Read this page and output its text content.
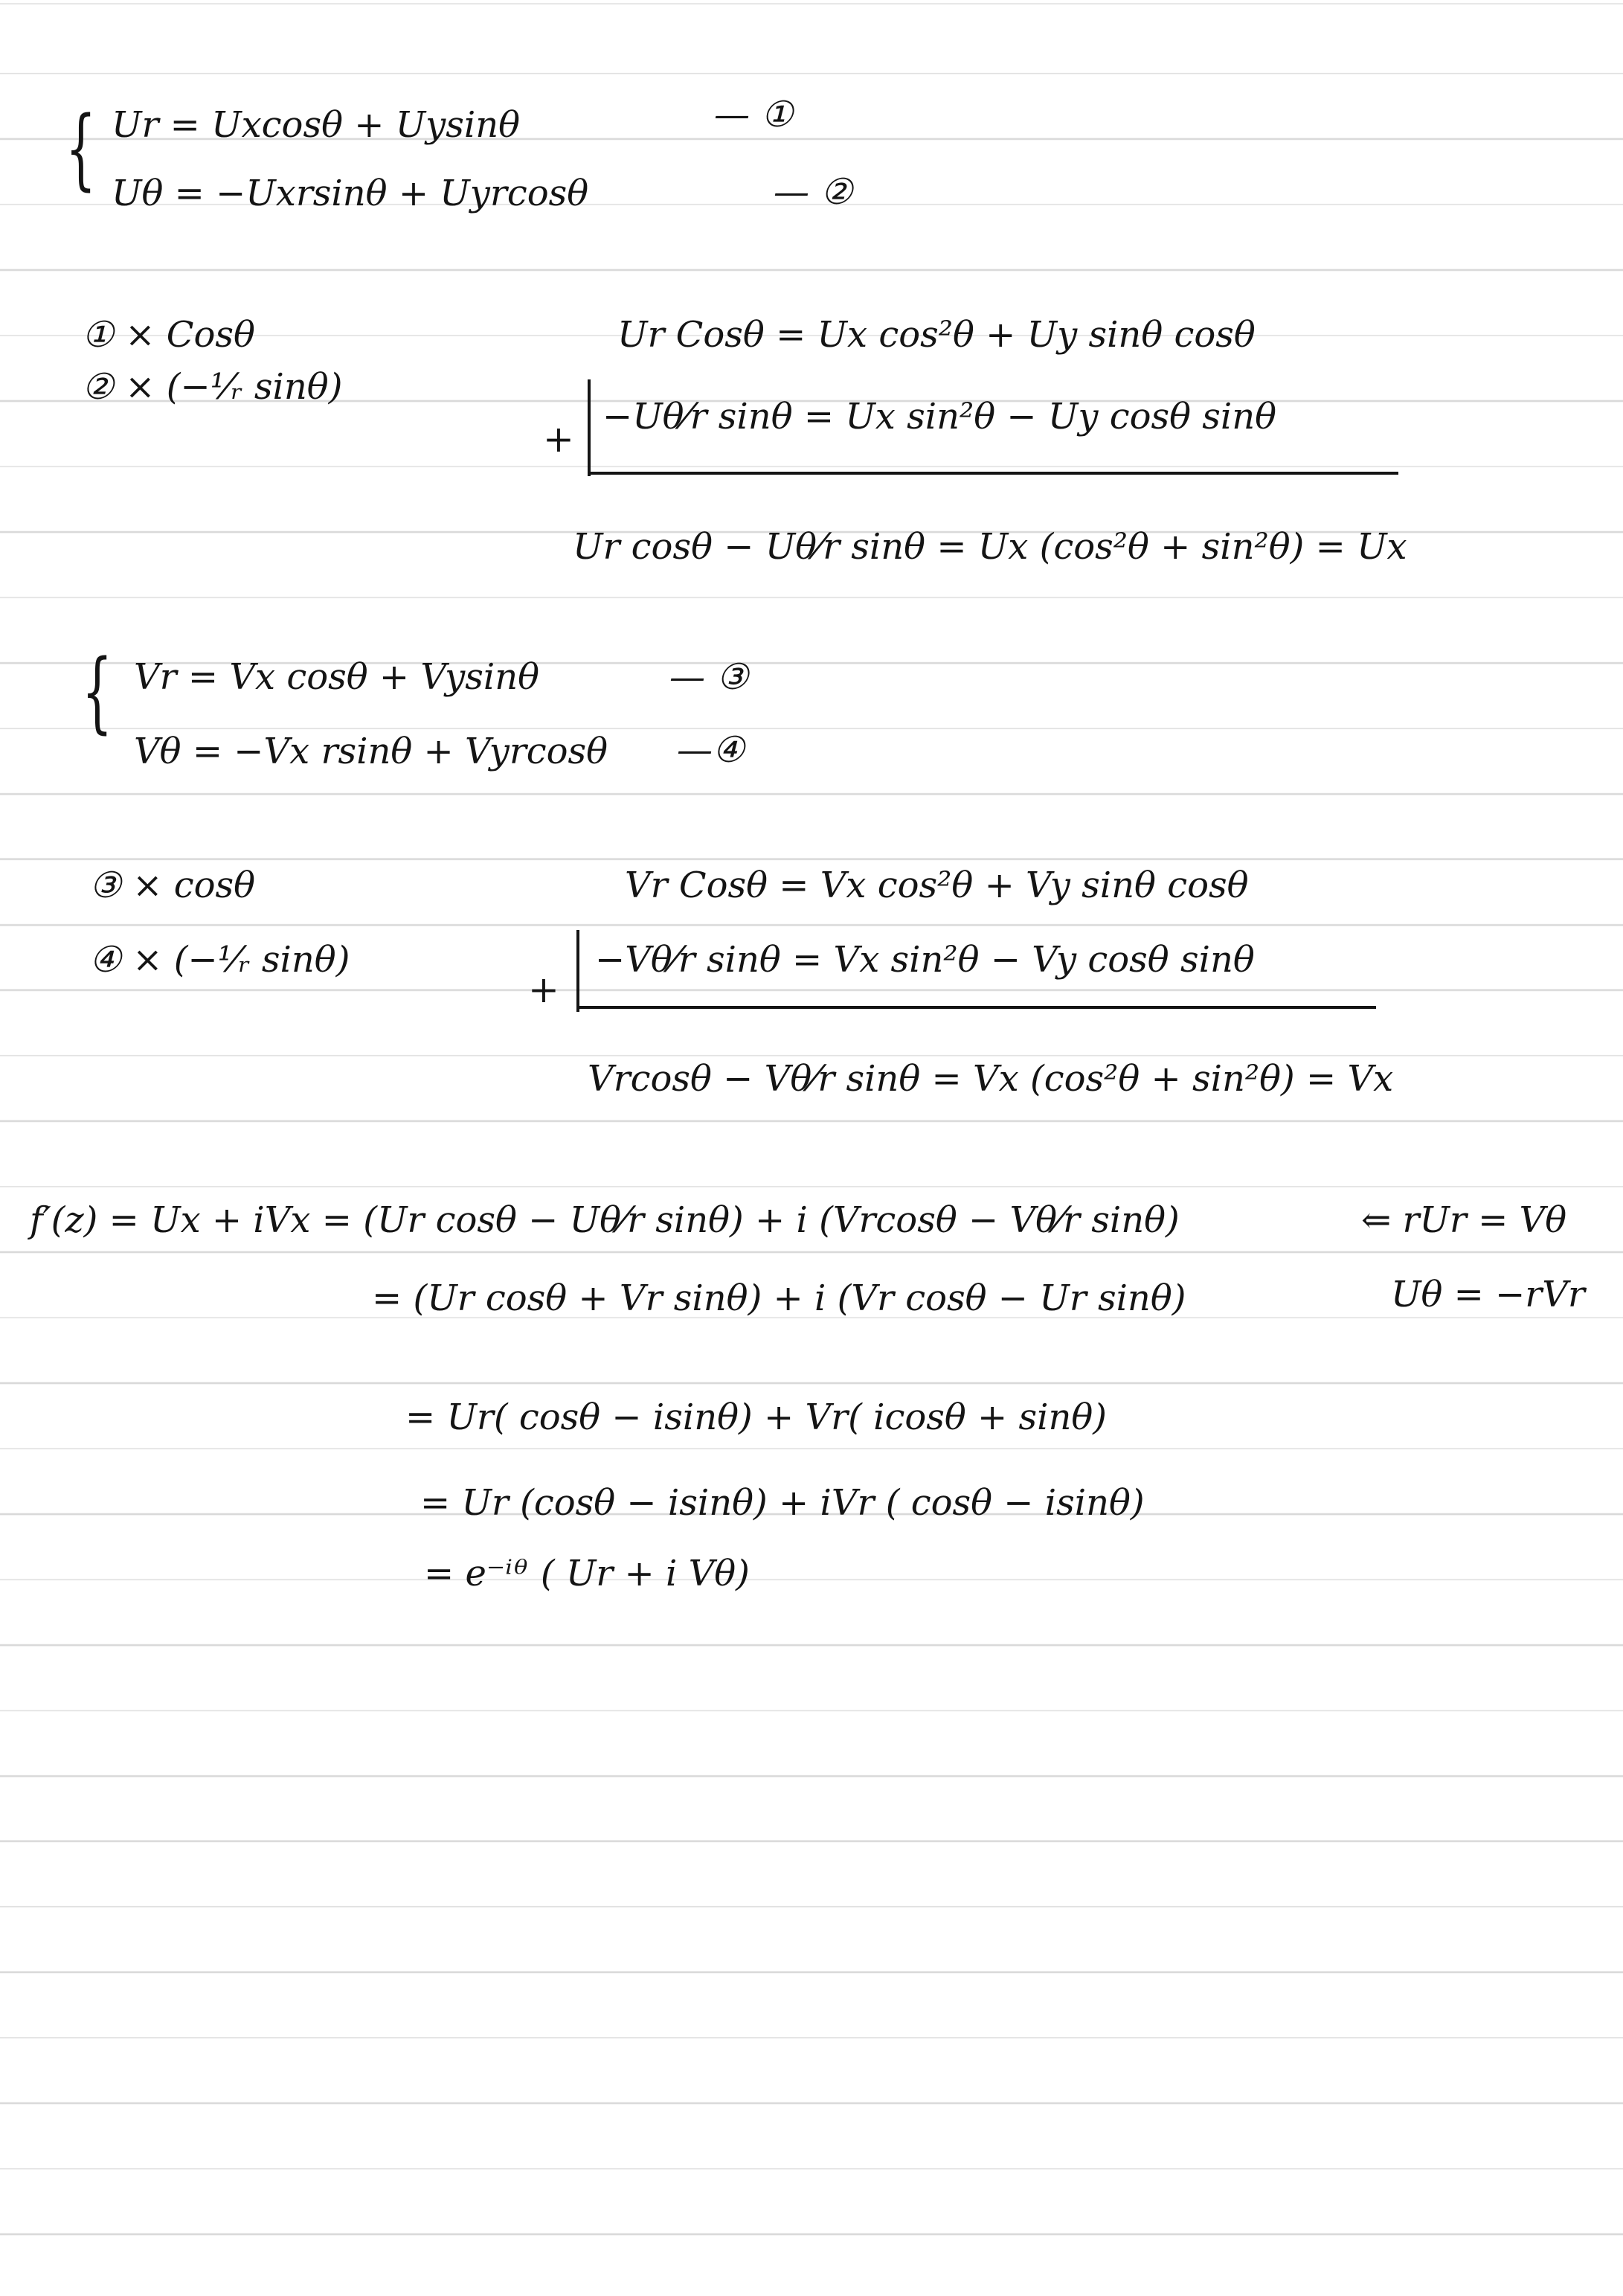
{ Ur = Uxcosθ + Uysinθ	— ①
Uθ = −Uxrsinθ + Uyrcosθ	— ②
① × Cosθ
② × (−¹⁄ᵣ sinθ)
Ur Cosθ = Ux cos²θ + Uy sinθ cosθ
+
−Uθ⁄r sinθ = Ux sin²θ − Uy cosθ sinθ
Ur cosθ − Uθ⁄r sinθ = Ux (cos²θ + sin²θ) = Ux
{ Vr = Vx cosθ + Vysinθ	— ③
Vθ = −Vx rsinθ + Vyrcosθ —④
③ × cosθ
④ × (−¹⁄ᵣ sinθ)
Vr Cosθ = Vx cos²θ + Vy sinθ cosθ
+
−Vθ⁄r sinθ = Vx sin²θ − Vy cosθ sinθ
Vrcosθ − Vθ⁄r sinθ = Vx (cos²θ + sin²θ) = Vx
f′(z) = Ux + iVx = (Ur cosθ − Uθ⁄r sinθ) + i (Vrcosθ − Vθ⁄r sinθ)	⇐ rUr = Vθ
= (Ur cosθ + Vr sinθ) + i (Vr cosθ − Ur sinθ)	Uθ = −rVr
= Ur( cosθ − isinθ) + Vr( icosθ + sinθ)
= Ur (cosθ − isinθ) + iVr ( cosθ − isinθ)
= e⁻ⁱᶿ ( Ur + i Vθ)
